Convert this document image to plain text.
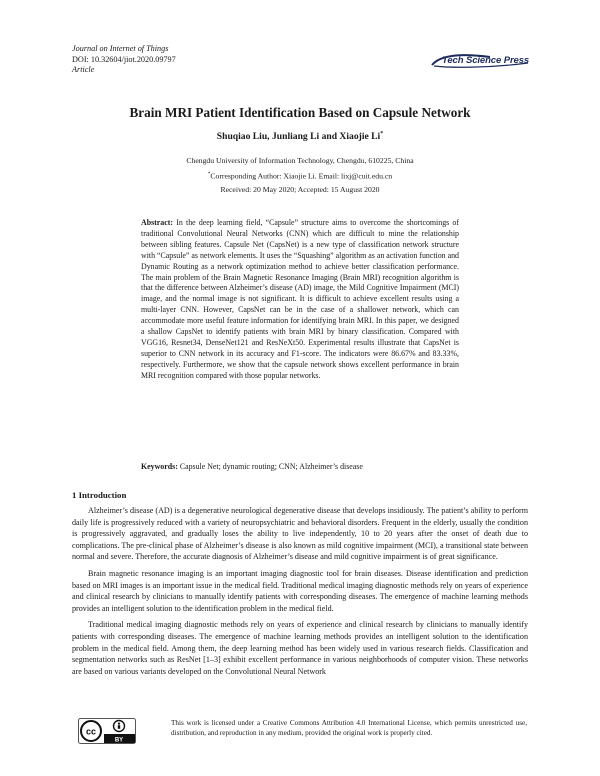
Journal on Internet of Things
DOI: 10.32604/jiot.2020.09797
Article
Tech Science Press
Brain MRI Patient Identification Based on Capsule Network
Shuqiao Liu, Junliang Li and Xiaojie Li*
Chengdu University of Information Technology, Chengdu, 610225, China
*Corresponding Author: Xiaojie Li. Email: lixj@cuit.edu.cn
Received: 20 May 2020; Accepted: 15 August 2020
Abstract: In the deep learning field, “Capsule” structure aims to overcome the shortcomings of traditional Convolutional Neural Networks (CNN) which are difficult to mine the relationship between sibling features. Capsule Net (CapsNet) is a new type of classification network structure with “Capsule” as network elements. It uses the “Squashing” algorithm as an activation function and Dynamic Routing as a network optimization method to achieve better classification performance. The main problem of the Brain Magnetic Resonance Imaging (Brain MRI) recognition algorithm is that the difference between Alzheimer’s disease (AD) image, the Mild Cognitive Impairment (MCI) image, and the normal image is not significant. It is difficult to achieve excellent results using a multi-layer CNN. However, CapsNet can be in the case of a shallower network, which can accommodate more useful feature information for identifying brain MRI. In this paper, we designed a shallow CapsNet to identify patients with brain MRI by binary classification. Compared with VGG16, Resnet34, DenseNet121 and ResNeXt50. Experimental results illustrate that CapsNet is superior to CNN network in its accuracy and F1-score. The indicators were 86.67% and 83.33%, respectively. Furthermore, we show that the capsule network shows excellent performance in brain MRI recognition compared with those popular networks.
Keywords: Capsule Net; dynamic routing; CNN; Alzheimer’s disease
1 Introduction

Alzheimer’s disease (AD) is a degenerative neurological degenerative disease that develops insidiously. The patient’s ability to perform daily life is progressively reduced with a variety of neuropsychiatric and behavioral disorders. Frequent in the elderly, usually the condition is progressively aggravated, and gradually loses the ability to live independently, 10 to 20 years after the onset of death due to complications. The pre-clinical phase of Alzheimer’s disease is also known as mild cognitive impairment (MCI), a transitional state between normal and severe. Therefore, the accurate diagnosis of Alzheimer’s disease and mild cognitive impairment is of great significance.

Brain magnetic resonance imaging is an important imaging diagnostic tool for brain diseases. Disease identification and prediction based on MRI images is an important issue in the medical field. Traditional medical imaging diagnostic methods rely on years of experience and clinical research by clinicians to manually identify patients with corresponding diseases. The emergence of machine learning methods provides an intelligent solution to the identification problem in the medical field.

Traditional medical imaging diagnostic methods rely on years of experience and clinical research by clinicians to manually identify patients with corresponding diseases. The emergence of machine learning methods provides an intelligent solution to the identification problem in the medical field. Among them, the deep learning method has been widely used in various research fields. Classification and segmentation networks such as ResNet [1–3] exhibit excellent performance in various neighborhoods of computer vision. These networks are based on various variants developed on the Convolutional Neural Network

cc
BY
This work is licensed under a Creative Commons Attribution 4.0 International License, which permits unrestricted use, distribution, and reproduction in any medium, provided the original work is properly cited.
